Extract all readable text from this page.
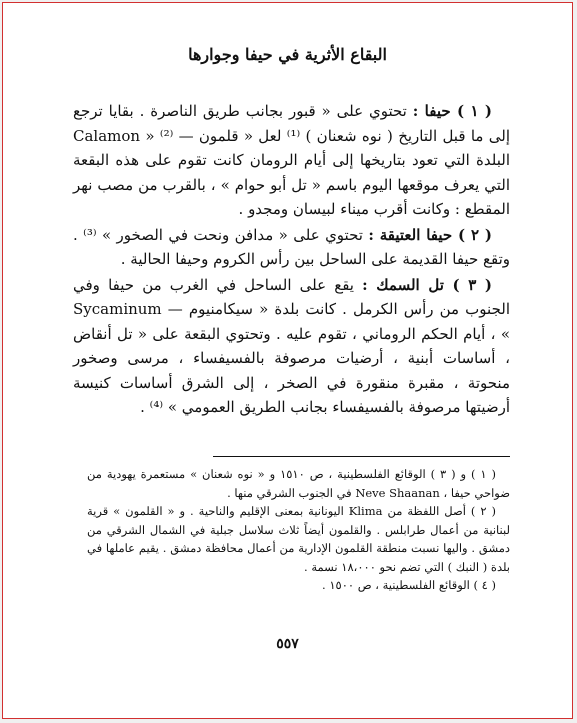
البقاع الأثرية في حيفا وجوارها

( ١ ) حيفا : تحتوي على « قبور بجانب طريق الناصرة . بقايا ترجع إلى ما قبل التاريخ ( نوه شعنان ) ⁽¹⁾ لعل « قلمون — Calamon » ⁽²⁾ البلدة التي تعود بتاريخها إلى أيام الرومان كانت تقوم على هذه البقعة التي يعرف موقعها اليوم باسم « تل أبو حوام » ، بالقرب من مصب نهر المقطع : وكانت أقرب ميناء لبيسان ومجدو .

( ٢ ) حيفا العتيقة : تحتوي على « مدافن ونحت في الصخور » ⁽³⁾ . وتقع حيفا القديمة على الساحل بين رأس الكروم وحيفا الحالية .

( ٣ ) تل السمك : يقع على الساحل في الغرب من حيفا وفي الجنوب من رأس الكرمل . كانت بلدة « سيكامنيوم — Sycaminum » ، أيام الحكم الروماني ، تقوم عليه . وتحتوي البقعة على « تل أنقاض ، أساسات أبنية ، أرضيات مرصوفة بالفسيفساء ، مرسى وصخور منحوتة ، مقبرة منقورة في الصخر ، إلى الشرق أساسات كنيسة أرضيتها مرصوفة بالفسيفساء بجانب الطريق العمومي » ⁽⁴⁾ .

( ١ ) و ( ٣ ) الوقائع الفلسطينية ، ص ١٥١٠ و « نوه شعنان » مستعمرة يهودية من ضواحي حيفا ، Neve Shaanan في الجنوب الشرقي منها .

( ٢ ) أصل اللفظة من Klima اليونانية بمعنى الإقليم والناحية . و « القلمون » قرية لبنانية من أعمال طرابلس . والقلمون أيضاً ثلاث سلاسل جبلية في الشمال الشرقي من دمشق . واليها نسبت منطقة القلمون الإدارية من أعمال محافظة دمشق . يقيم عاملها في بلدة ( النبك ) التي تضم نحو ١٨،٠٠٠ نسمة .

( ٤ ) الوقائع الفلسطينية ، ص ١٥٠٠ .

٥٥٧
